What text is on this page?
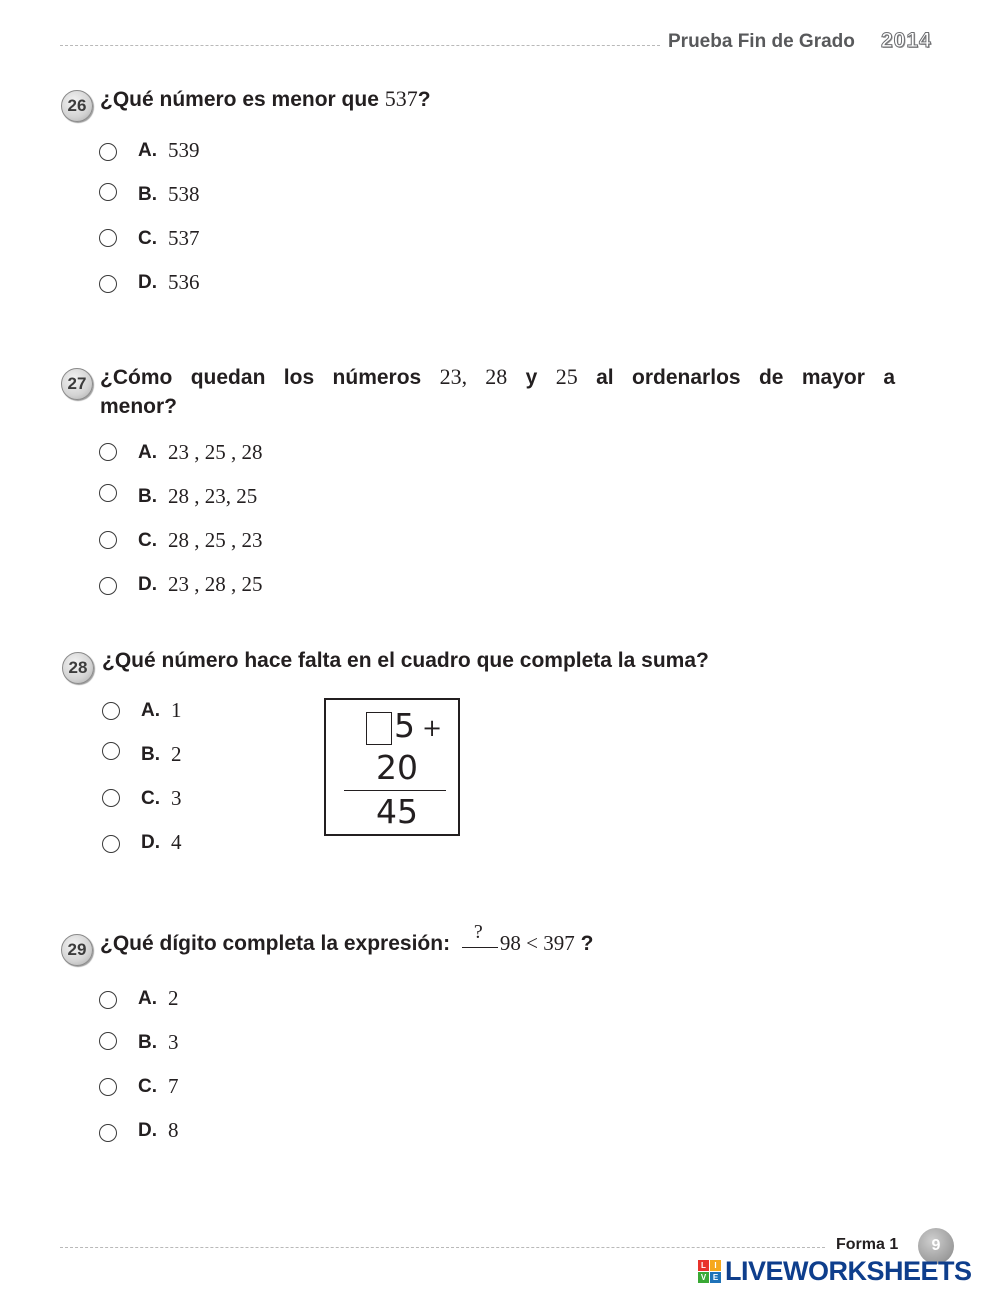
Prueba Fin de Grado 2014
26 ¿Qué número es menor que 537?
A. 539
B. 538
C. 537
D. 536
27 ¿Cómo quedan los números 23, 28 y 25 al ordenarlos de mayor a
menor?
A. 23 , 25 , 28
B. 28 , 23, 25
C. 28 , 25 , 23
D. 23 , 28 , 25
28 ¿Qué número hace falta en el cuadro que completa la suma?
A. 1
B. 2
C. 3
D. 4
5 +
20
45
29 ¿Qué dígito completa la expresión: ? 98 < 397 ?
A. 2
B. 3
C. 7
D. 8
Forma 1	9
L	I
V E LIVEWORKSHEETS
